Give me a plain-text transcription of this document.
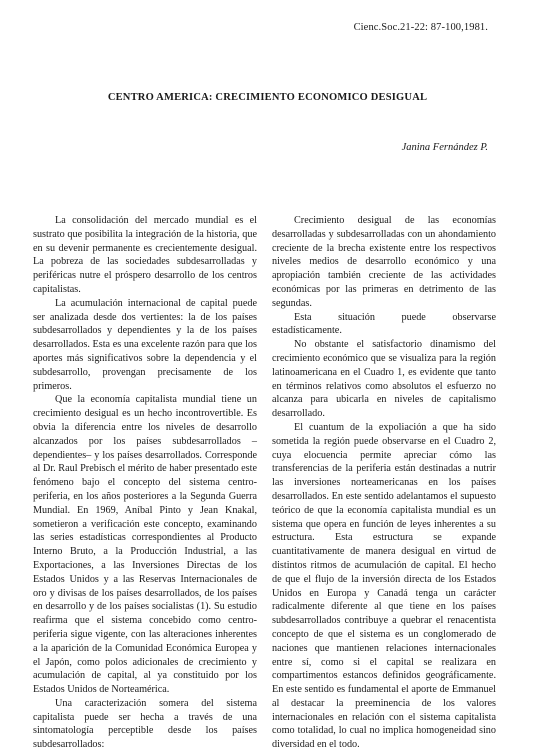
Cienc.Soc.21-22: 87-100,1981.
CENTRO AMERICA: CRECIMIENTO ECONOMICO DESIGUAL
Janina Fernández P.

La consolidación del mercado mundial es el sustrato que posibilita la integración de la historia, que en su devenir permanente es crecientemente desigual. La pobreza de las sociedades subdesarrolladas y periféricas nutre el próspero desarrollo de los centros capitalistas.

La acumulación internacional de capital puede ser analizada desde dos vertientes: la de los países subdesarrollados y dependientes y la de los países desarrollados. Esta es una excelente razón para que los aportes más significativos sobre la dependencia y el subdesarrollo, provengan precisamente de los primeros.

Que la economía capitalista mundial tiene un crecimiento desigual es un hecho incontrovertible. Es obvia la diferencia entre los niveles de desarrollo alcanzados por los países subdesarrollados –dependientes– y los países desarrollados. Corresponde al Dr. Raul Prebisch el mérito de haber presentado este fenómeno bajo el concepto del sistema centro-periferia, en los años posteriores a la Segunda Guerra Mundial. En 1969, Aníbal Pinto y Jean Knakal, sometieron a verificación este concepto, examinando las series estadísticas correspondientes al Producto Interno Bruto, a la Producción Industrial, a las Exportaciones, a las Inversiones Directas de los Estados Unidos y a las Reservas Internacionales de oro y divisas de los países desarrollados, de los países en desarrollo y de los países socialistas (1). Su estudio reafirma que el sistema concebido como centro-periferia sigue vigente, con las alteraciones inherentes a la aparición de la Comunidad Económica Europea y el Japón, como polos adicionales de crecimiento y acumulación de capital, al ya constituido por los Estados Unidos de Norteamérica.

Una caracterización somera del sistema capitalista puede ser hecha a través de una sintomatología perceptible desde los países subdesarrollados:

Crecimiento desigual de las economías desarrolladas y subdesarrolladas con un ahondamiento creciente de la brecha existente entre los respectivos niveles medios de desarrollo económico y una apropiación también creciente de las actividades económicas por las primeras en detrimento de las segundas.

Esta situación puede observarse estadísticamente.

No obstante el satisfactorio dinamismo del crecimiento económico que se visualiza para la región latinoamericana en el Cuadro 1, es evidente que tanto en términos relativos como absolutos el esfuerzo no alcanza para ubicarla en niveles de capitalismo desarrollado.

El cuantum de la expoliación a que ha sido sometida la región puede observarse en el Cuadro 2, cuya elocuencia permite apreciar cómo las transferencias de la periferia están destinadas a nutrir las inversiones norteamericanas en los países desarrollados. En este sentido adelantamos el supuesto teórico de que la economía capitalista mundial es un sistema que opera en función de leyes inherentes a su estructura. Esta estructura se expande cuantitativamente de manera desigual en virtud de distintos ritmos de acumulación de capital. El hecho de que el flujo de la inversión directa de los Estados Unidos en Europa y Canadá tenga un carácter radicalmente diferente al que tiene en los países subdesarrollados contribuye a quebrar el renacentista concepto de que el sistema es un conglomerado de naciones que mantienen relaciones internacionales entre sí, como si el capital se realizara en compartimentos estancos definidos geográficamente. En este sentido es fundamental el aporte de Emmanuel al destacar la preeminencia de los valores internacionales en relación con el sistema capitalista como totalidad, lo cual no implica homogeneidad sino diversidad en el todo.
